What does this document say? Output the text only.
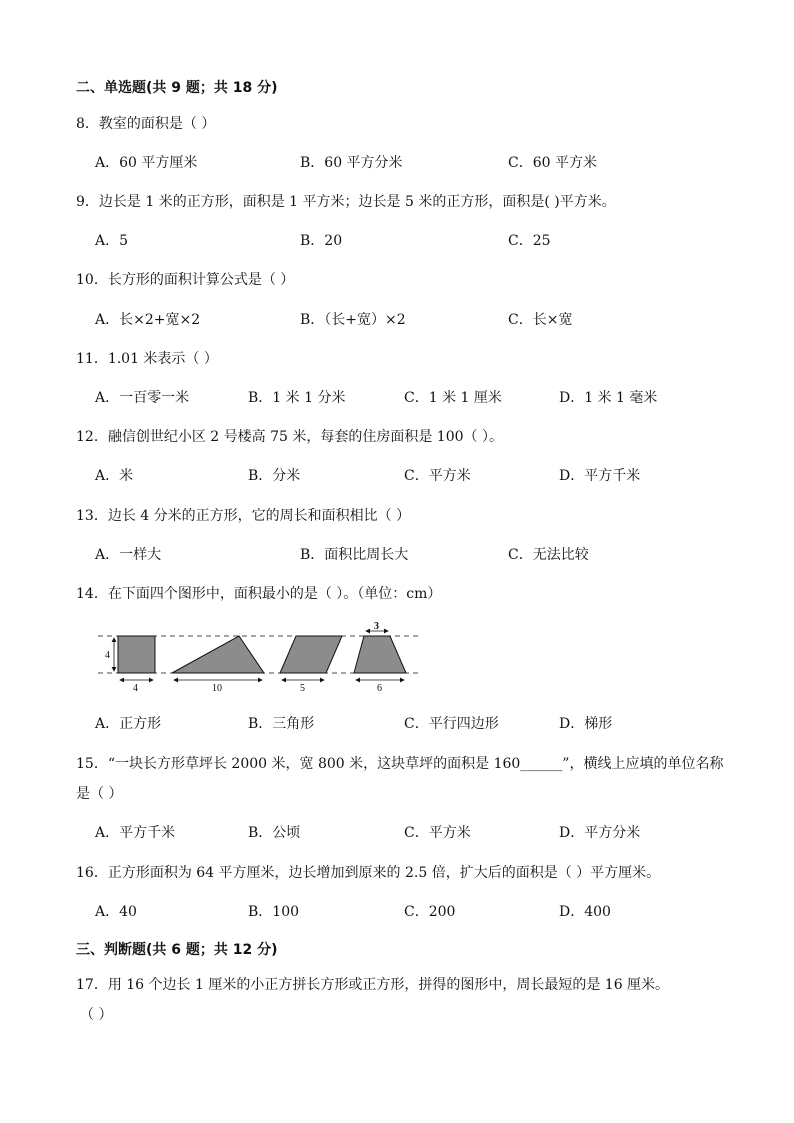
二、单选题(共 9 题；共 18 分)
8．教室的面积是（ ）
A．60 平方厘米	B．60 平方分米	C．60 平方米
9．边长是 1 米的正方形，面积是 1 平方米；边长是 5 米的正方形，面积是( )平方米。
A．5	B．20	C．25
10．长方形的面积计算公式是（ ）
A．长×2+宽×2	B．（长+宽）×2	C．长×宽
11．1.01 米表示（ ）
A．一百零一米	B．1 米 1 分米	C．1 米 1 厘米	D．1 米 1 毫米
12．融信创世纪小区 2 号楼高 75 米，每套的住房面积是 100（ ）。
A．米	B．分米	C．平方米	D．平方千米
13．边长 4 分米的正方形，它的周长和面积相比（ ）
A．一样大	B．面积比周长大	C．无法比较
14．在下面四个图形中，面积最小的是（ ）。（单位：cm）
4
4	10	5
3
6
A．正方形	B．三角形	C．平行四边形	D．梯形
15．“一块长方形草坪长 2000 米，宽 800 米，这块草坪的面积是 160______”，横线上应填的单位名称
是（ ）
A．平方千米	B．公顷	C．平方米	D．平方分米
16．正方形面积为 64 平方厘米，边长增加到原来的 2.5 倍，扩大后的面积是（ ）平方厘米。
A．40	B．100	C．200	D．400
三、判断题(共 6 题；共 12 分)
17．用 16 个边长 1 厘米的小正方拼长方形或正方形，拼得的图形中，周长最短的是 16 厘米。
（ ）
